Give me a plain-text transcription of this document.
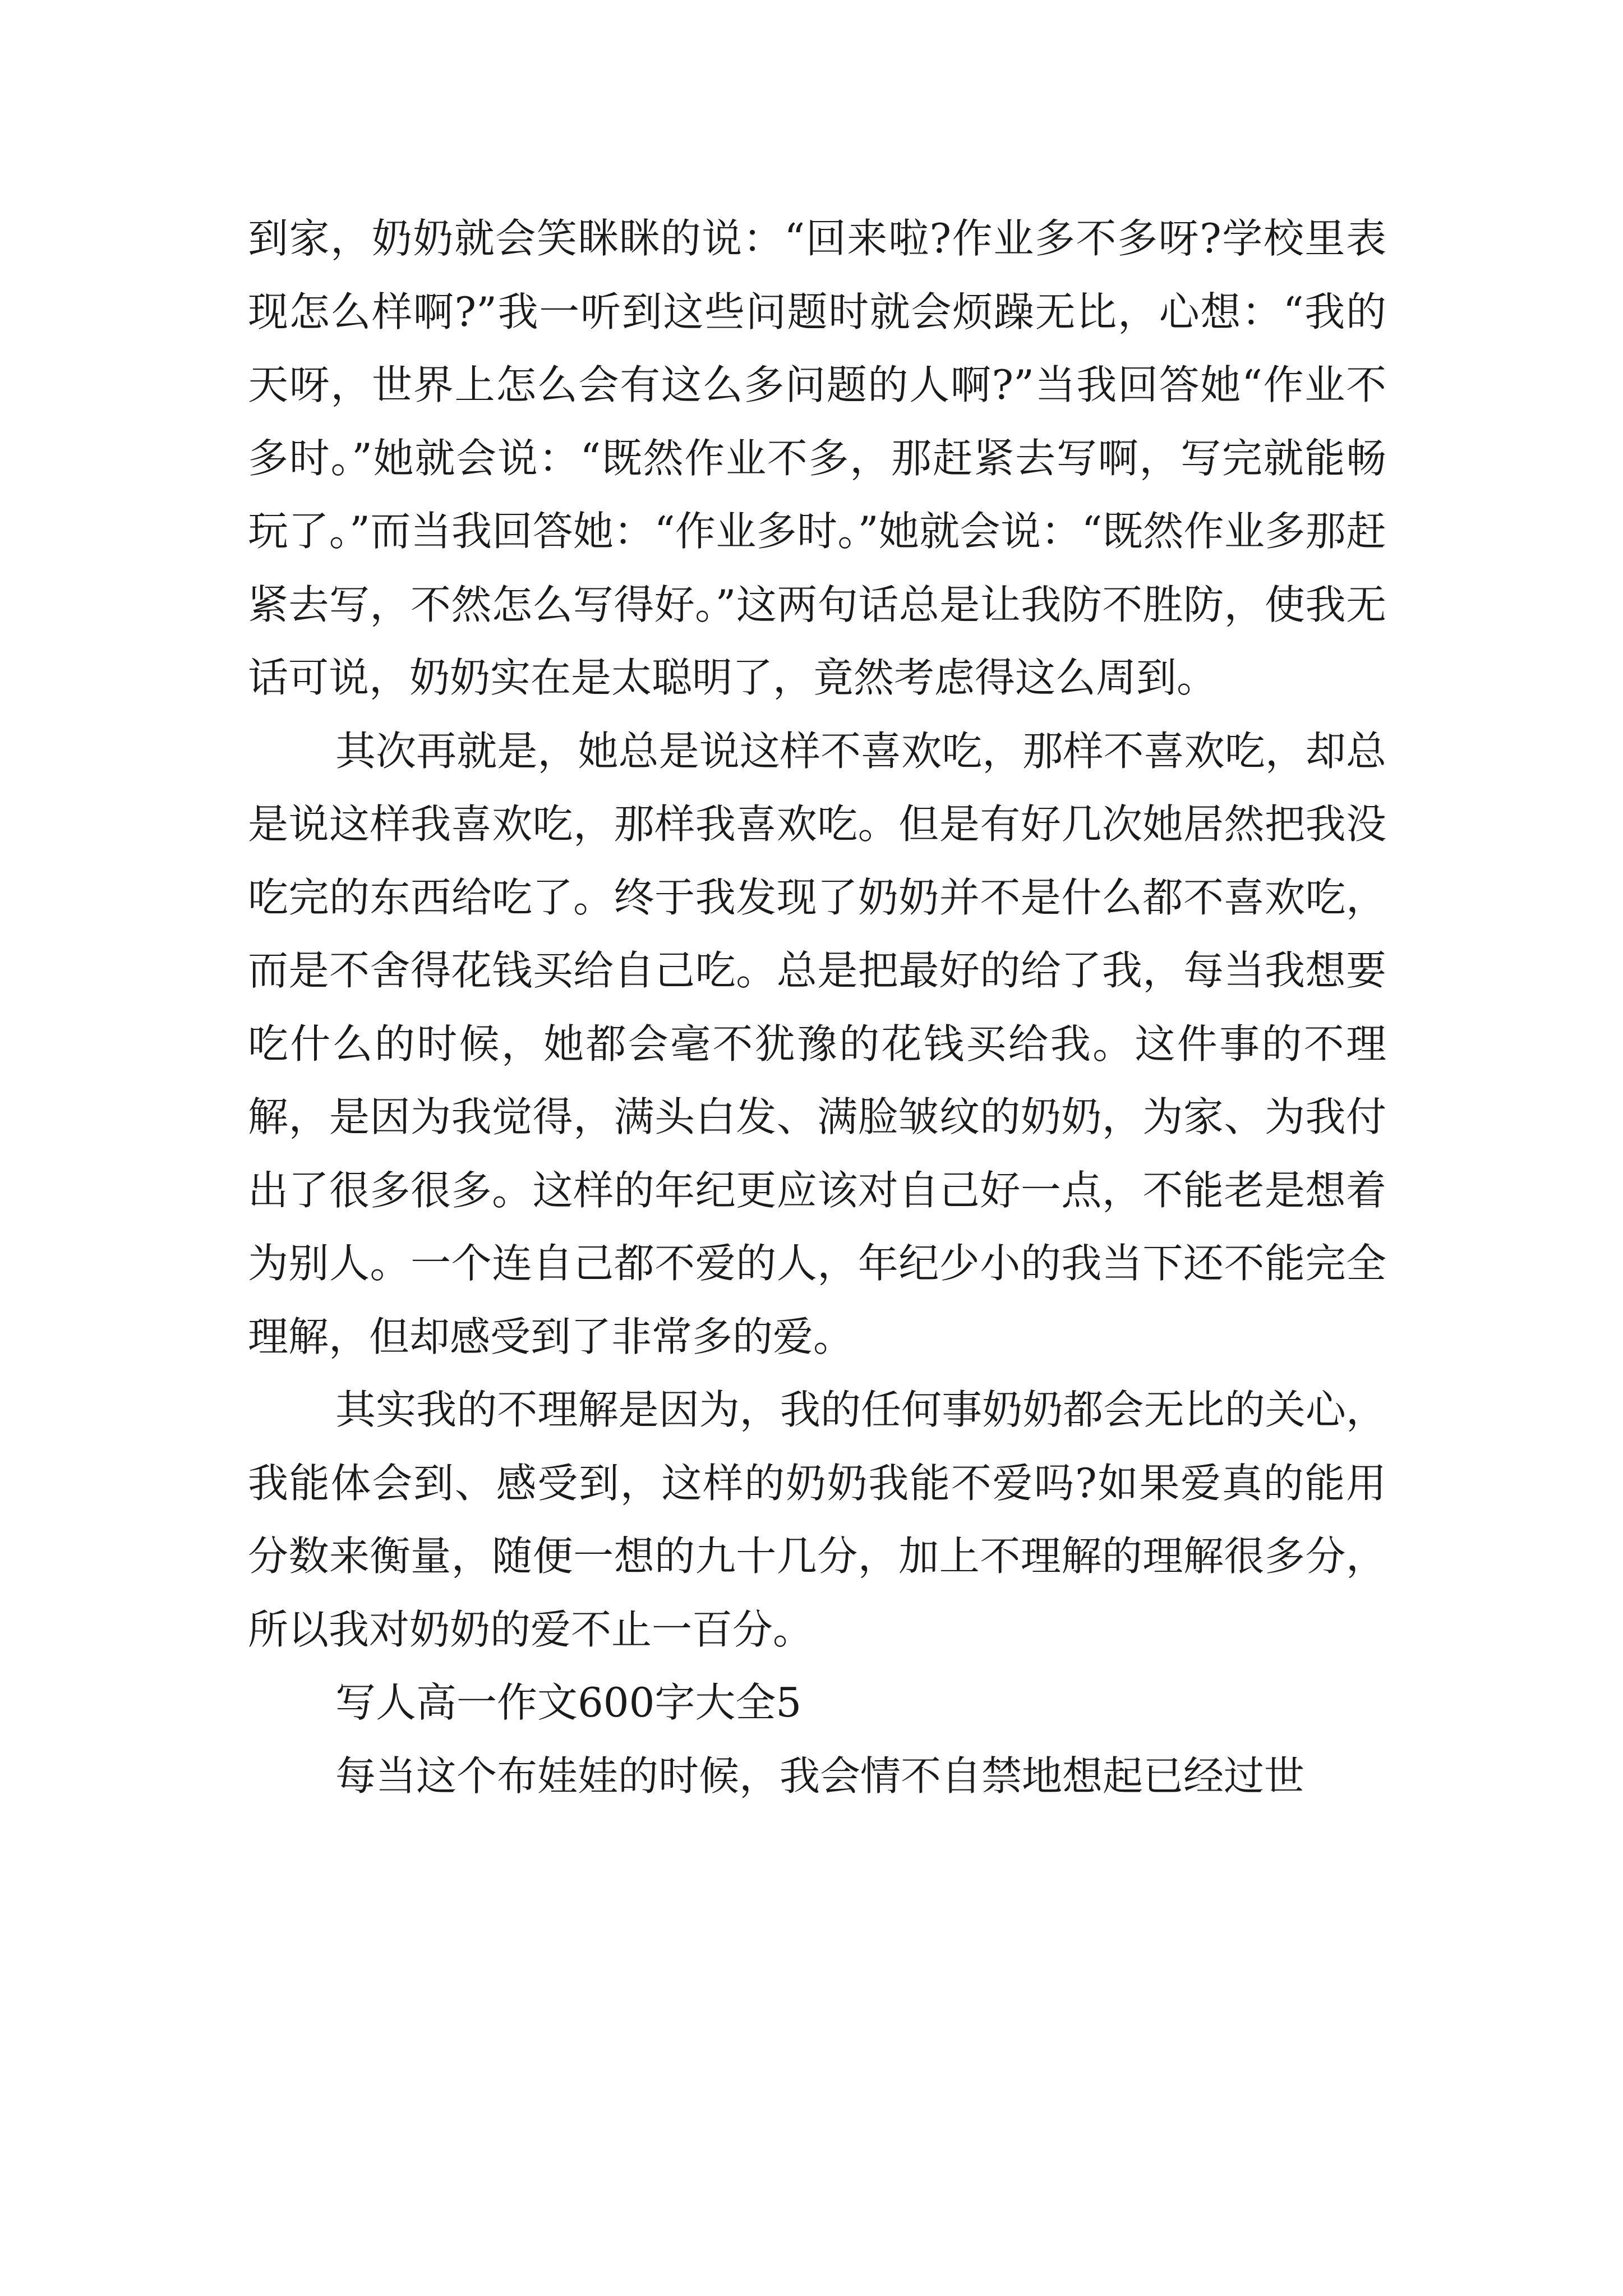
到家，奶奶就会笑眯眯的说：“回来啦?作业多不多呀?学校里表现怎么样啊?”我一听到这些问题时就会烦躁无比，心想：“我的天呀，世界上怎么会有这么多问题的人啊?”当我回答她“作业不多时。”她就会说：“既然作业不多，那赶紧去写啊，写完就能畅玩了。”而当我回答她：“作业多时。”她就会说：“既然作业多那赶紧去写，不然怎么写得好。”这两句话总是让我防不胜防，使我无话可说，奶奶实在是太聪明了，竟然考虑得这么周到。

其次再就是，她总是说这样不喜欢吃，那样不喜欢吃，却总是说这样我喜欢吃，那样我喜欢吃。但是有好几次她居然把我没吃完的东西给吃了。终于我发现了奶奶并不是什么都不喜欢吃，而是不舍得花钱买给自己吃。总是把最好的给了我，每当我想要吃什么的时候，她都会毫不犹豫的花钱买给我。这件事的不理解，是因为我觉得，满头白发、满脸皱纹的奶奶，为家、为我付出了很多很多。这样的年纪更应该对自己好一点，不能老是想着为别人。一个连自己都不爱的人，年纪少小的我当下还不能完全理解，但却感受到了非常多的爱。

其实我的不理解是因为，我的任何事奶奶都会无比的关心，我能体会到、感受到，这样的奶奶我能不爱吗?如果爱真的能用分数来衡量，随便一想的九十几分，加上不理解的理解很多分，所以我对奶奶的爱不止一百分。

写人高一作文600字大全5

每当这个布娃娃的时候，我会情不自禁地想起已经过世
